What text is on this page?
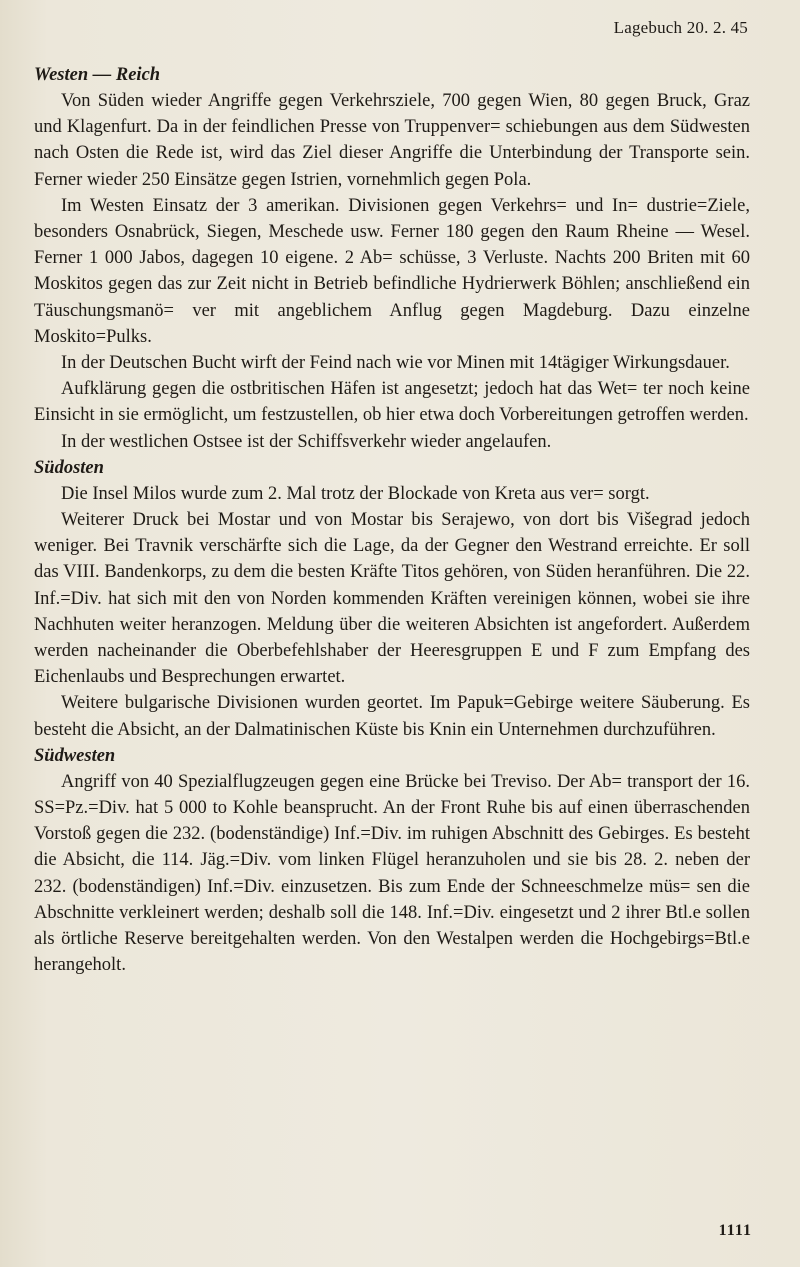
Lagebuch 20. 2. 45
Westen — Reich

Von Süden wieder Angriffe gegen Verkehrsziele, 700 gegen Wien, 80 gegen Bruck, Graz und Klagenfurt. Da in der feindlichen Presse von Truppenver= schiebungen aus dem Südwesten nach Osten die Rede ist, wird das Ziel dieser Angriffe die Unterbindung der Transporte sein. Ferner wieder 250 Einsätze gegen Istrien, vornehmlich gegen Pola.

Im Westen Einsatz der 3 amerikan. Divisionen gegen Verkehrs= und In= dustrie=Ziele, besonders Osnabrück, Siegen, Meschede usw. Ferner 180 gegen den Raum Rheine — Wesel. Ferner 1 000 Jabos, dagegen 10 eigene. 2 Ab= schüsse, 3 Verluste. Nachts 200 Briten mit 60 Moskitos gegen das zur Zeit nicht in Betrieb befindliche Hydrierwerk Böhlen; anschließend ein Täuschungsmanö= ver mit angeblichem Anflug gegen Magdeburg. Dazu einzelne Moskito=Pulks.

In der Deutschen Bucht wirft der Feind nach wie vor Minen mit 14tägiger Wirkungsdauer.

Aufklärung gegen die ostbritischen Häfen ist angesetzt; jedoch hat das Wet= ter noch keine Einsicht in sie ermöglicht, um festzustellen, ob hier etwa doch Vorbereitungen getroffen werden.

In der westlichen Ostsee ist der Schiffsverkehr wieder angelaufen.

Südosten

Die Insel Milos wurde zum 2. Mal trotz der Blockade von Kreta aus ver= sorgt.

Weiterer Druck bei Mostar und von Mostar bis Serajewo, von dort bis Višegrad jedoch weniger. Bei Travnik verschärfte sich die Lage, da der Gegner den Westrand erreichte. Er soll das VIII. Bandenkorps, zu dem die besten Kräfte Titos gehören, von Süden heranführen. Die 22. Inf.=Div. hat sich mit den von Norden kommenden Kräften vereinigen können, wobei sie ihre Nachhuten weiter heranzogen. Meldung über die weiteren Absichten ist angefordert. Außerdem werden nacheinander die Oberbefehlshaber der Heeresgruppen E und F zum Empfang des Eichenlaubs und Besprechungen erwartet.

Weitere bulgarische Divisionen wurden geortet. Im Papuk=Gebirge weitere Säuberung. Es besteht die Absicht, an der Dalmatinischen Küste bis Knin ein Unternehmen durchzuführen.

Südwesten

Angriff von 40 Spezialflugzeugen gegen eine Brücke bei Treviso. Der Ab= transport der 16. SS=Pz.=Div. hat 5 000 to Kohle beansprucht. An der Front Ruhe bis auf einen überraschenden Vorstoß gegen die 232. (bodenständige) Inf.=Div. im ruhigen Abschnitt des Gebirges. Es besteht die Absicht, die 114. Jäg.=Div. vom linken Flügel heranzuholen und sie bis 28. 2. neben der 232. (bodenständigen) Inf.=Div. einzusetzen. Bis zum Ende der Schneeschmelze müs= sen die Abschnitte verkleinert werden; deshalb soll die 148. Inf.=Div. eingesetzt und 2 ihrer Btl.e sollen als örtliche Reserve bereitgehalten werden. Von den Westalpen werden die Hochgebirgs=Btl.e herangeholt.

1111
